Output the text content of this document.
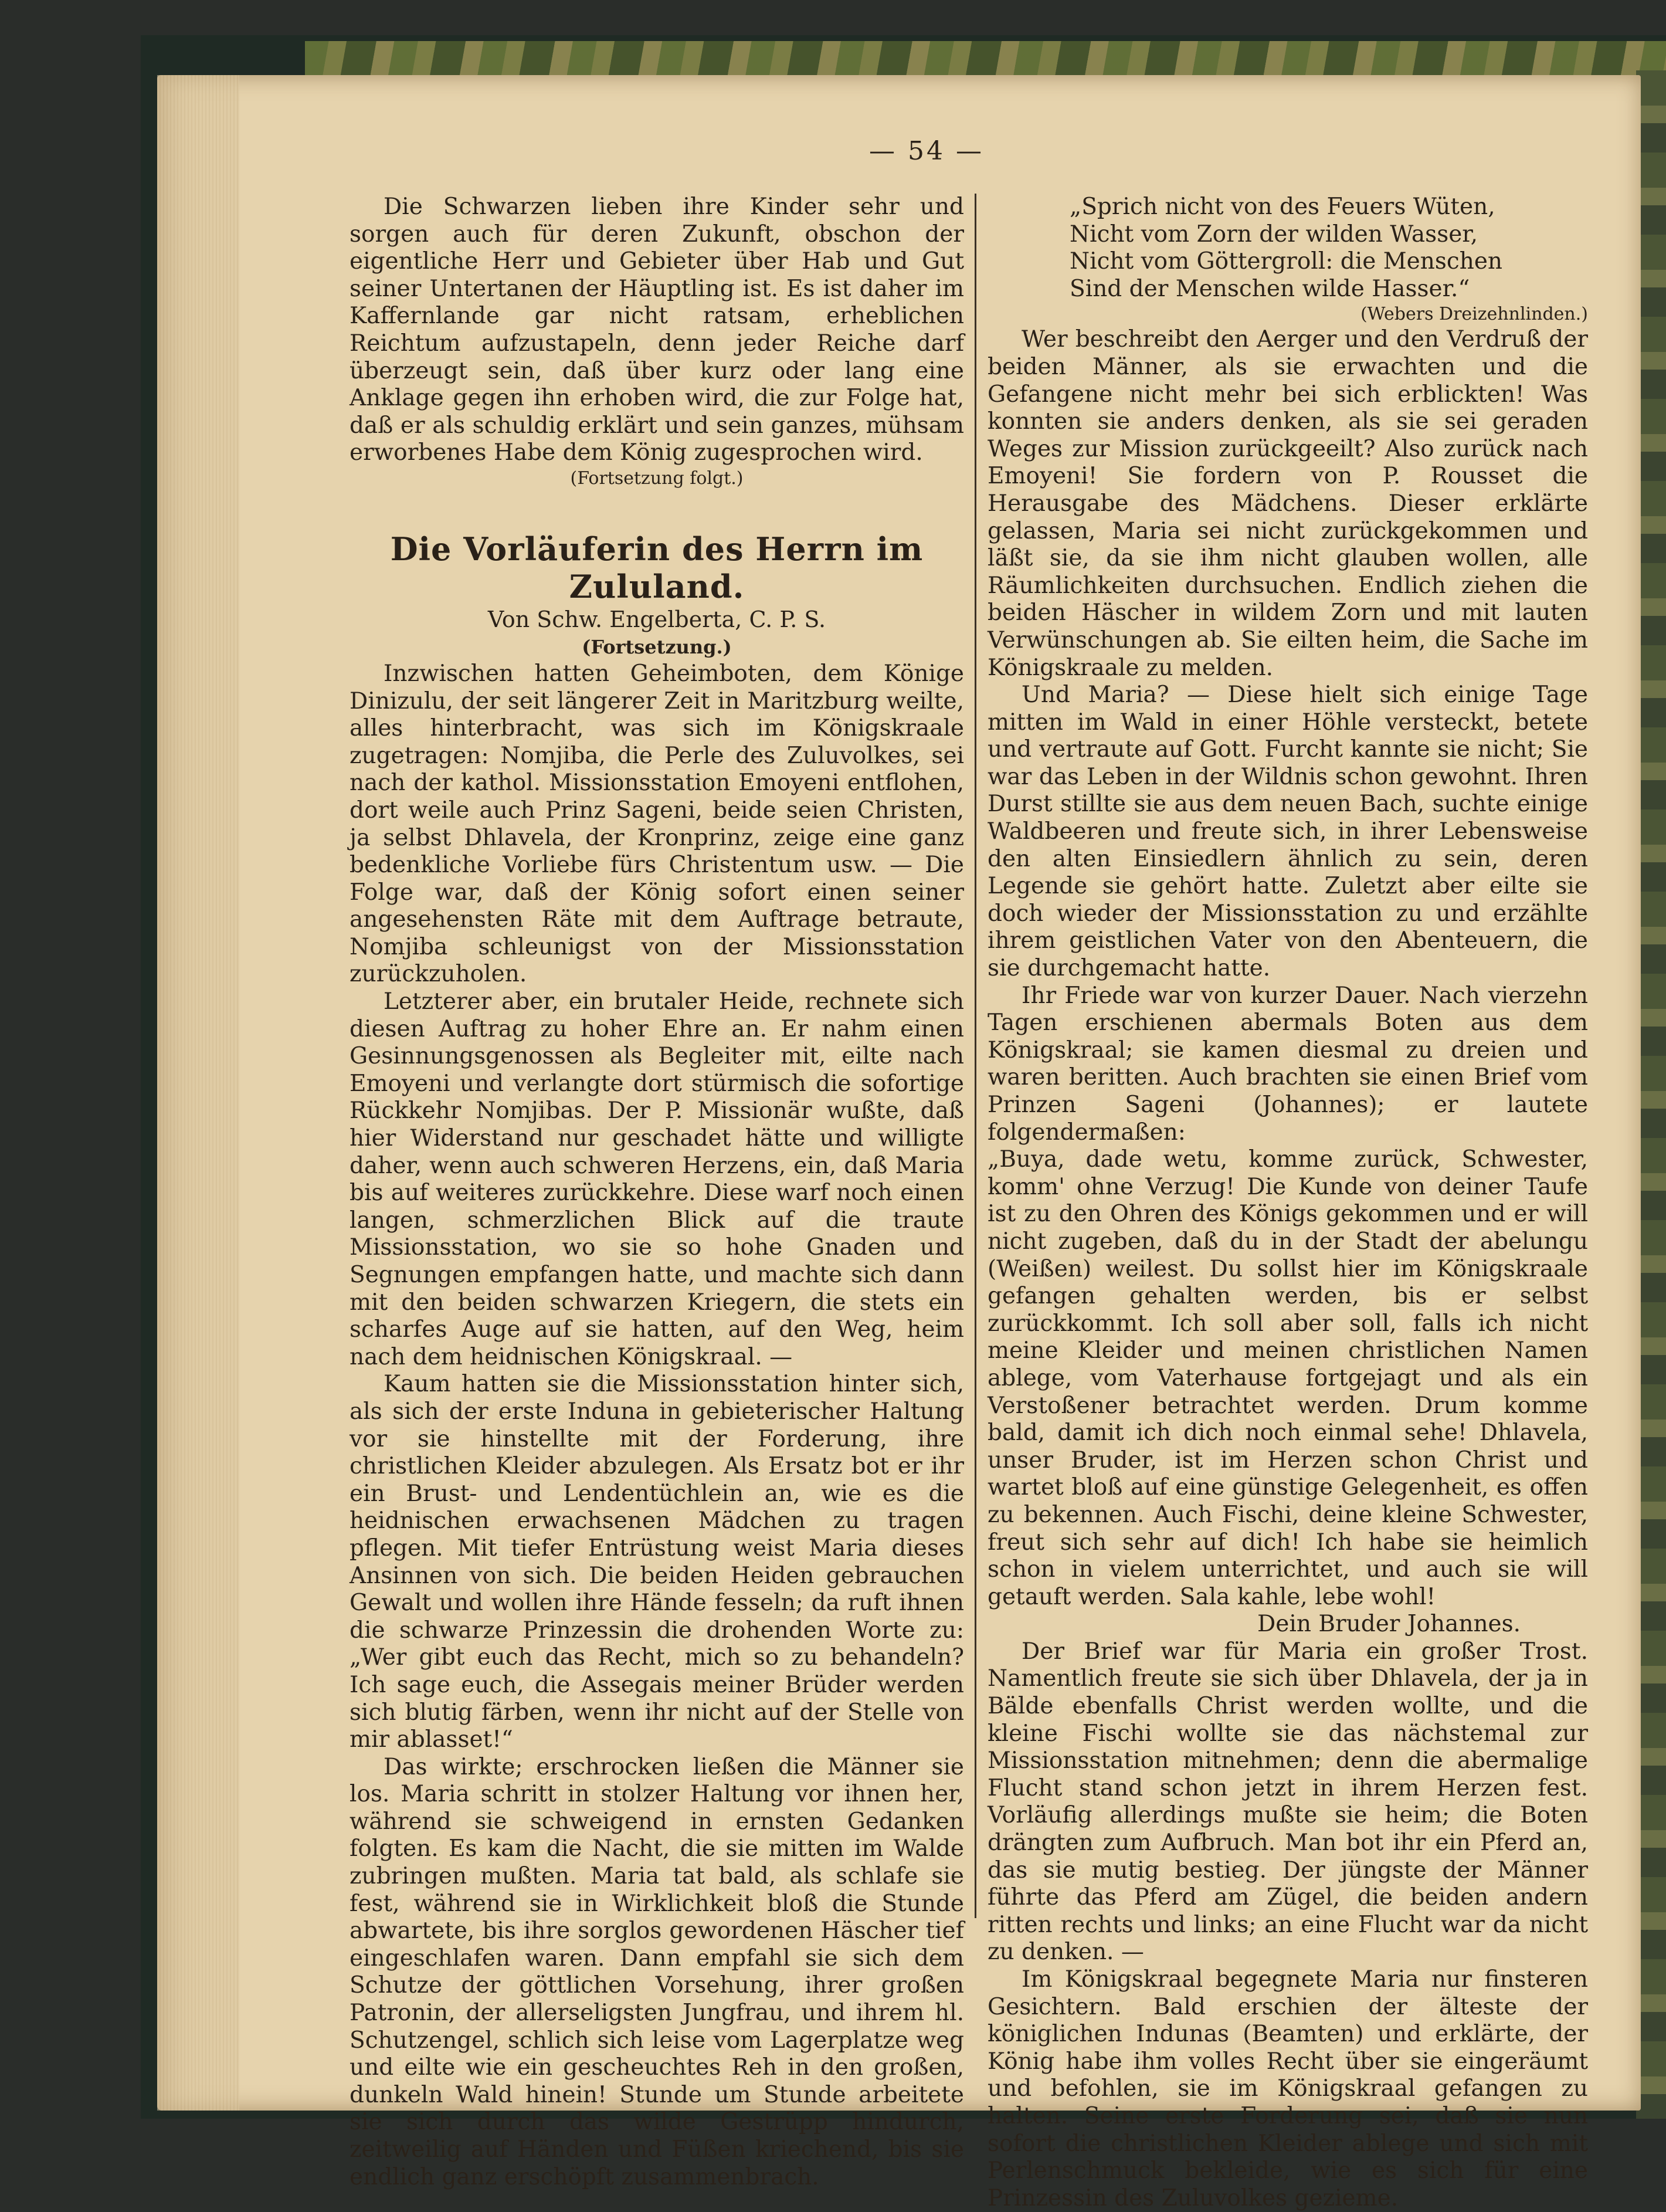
— 54 —

Die Schwarzen lieben ihre Kinder sehr und sorgen auch für deren Zukunft, obschon der eigentliche Herr und Gebieter über Hab und Gut seiner Untertanen der Häuptling ist. Es ist daher im Kaffernlande gar nicht ratsam, erheblichen Reichtum aufzustapeln, denn jeder Reiche darf überzeugt sein, daß über kurz oder lang eine Anklage gegen ihn erhoben wird, die zur Folge hat, daß er als schuldig erklärt und sein ganzes, mühsam erworbenes Habe dem König zugesprochen wird.

(Fortsetzung folgt.)

Die Vorläuferin des Herrn im Zululand.
Von Schw. Engelberta, C. P. S.
(Fortsetzung.)

Inzwischen hatten Geheimboten, dem Könige Dinizulu, der seit längerer Zeit in Maritzburg weilte, alles hinterbracht, was sich im Königskraale zugetragen: Nomjiba, die Perle des Zuluvolkes, sei nach der kathol. Missionsstation Emoyeni entflohen, dort weile auch Prinz Sageni, beide seien Christen, ja selbst Dhlavela, der Kronprinz, zeige eine ganz bedenkliche Vorliebe fürs Christentum usw. — Die Folge war, daß der König sofort einen seiner angesehensten Räte mit dem Auftrage betraute, Nomjiba schleunigst von der Missionsstation zurückzuholen.

Letzterer aber, ein brutaler Heide, rechnete sich diesen Auftrag zu hoher Ehre an. Er nahm einen Gesinnungsgenossen als Begleiter mit, eilte nach Emoyeni und verlangte dort stürmisch die sofortige Rückkehr Nomjibas. Der P. Missionär wußte, daß hier Widerstand nur geschadet hätte und willigte daher, wenn auch schweren Herzens, ein, daß Maria bis auf weiteres zurückkehre. Diese warf noch einen langen, schmerzlichen Blick auf die traute Missionsstation, wo sie so hohe Gnaden und Segnungen empfangen hatte, und machte sich dann mit den beiden schwarzen Kriegern, die stets ein scharfes Auge auf sie hatten, auf den Weg, heim nach dem heidnischen Königskraal. —

Kaum hatten sie die Missionsstation hinter sich, als sich der erste Induna in gebieterischer Haltung vor sie hinstellte mit der Forderung, ihre christlichen Kleider abzulegen. Als Ersatz bot er ihr ein Brust- und Lendentüchlein an, wie es die heidnischen erwachsenen Mädchen zu tragen pflegen. Mit tiefer Entrüstung weist Maria dieses Ansinnen von sich. Die beiden Heiden gebrauchen Gewalt und wollen ihre Hände fesseln; da ruft ihnen die schwarze Prinzessin die drohenden Worte zu: „Wer gibt euch das Recht, mich so zu behandeln? Ich sage euch, die Assegais meiner Brüder werden sich blutig färben, wenn ihr nicht auf der Stelle von mir ablasset!“

Das wirkte; erschrocken ließen die Männer sie los. Maria schritt in stolzer Haltung vor ihnen her, während sie schweigend in ernsten Gedanken folgten. Es kam die Nacht, die sie mitten im Walde zubringen mußten. Maria tat bald, als schlafe sie fest, während sie in Wirklichkeit bloß die Stunde abwartete, bis ihre sorglos gewordenen Häscher tief eingeschlafen waren. Dann empfahl sie sich dem Schutze der göttlichen Vorsehung, ihrer großen Patronin, der allerseligsten Jungfrau, und ihrem hl. Schutzengel, schlich sich leise vom Lagerplatze weg und eilte wie ein gescheuchtes Reh in den großen, dunkeln Wald hinein! Stunde um Stunde arbeitete sie sich durch das wilde Gestrüpp hindurch, zeitweilig auf Händen und Füßen kriechend, bis sie endlich ganz erschöpft zusammenbrach.

„Sprich nicht von des Feuers Wüten,
Nicht vom Zorn der wilden Wasser,
Nicht vom Göttergroll: die Menschen
Sind der Menschen wilde Hasser.“

(Webers Dreizehnlinden.)

Wer beschreibt den Aerger und den Verdruß der beiden Männer, als sie erwachten und die Gefangene nicht mehr bei sich erblickten! Was konnten sie anders denken, als sie sei geraden Weges zur Mission zurückgeeilt? Also zurück nach Emoyeni! Sie fordern von P. Rousset die Herausgabe des Mädchens. Dieser erklärte gelassen, Maria sei nicht zurückgekommen und läßt sie, da sie ihm nicht glauben wollen, alle Räumlichkeiten durchsuchen. Endlich ziehen die beiden Häscher in wildem Zorn und mit lauten Verwünschungen ab. Sie eilten heim, die Sache im Königskraale zu melden.

Und Maria? — Diese hielt sich einige Tage mitten im Wald in einer Höhle versteckt, betete und vertraute auf Gott. Furcht kannte sie nicht; Sie war das Leben in der Wildnis schon gewohnt. Ihren Durst stillte sie aus dem neuen Bach, suchte einige Waldbeeren und freute sich, in ihrer Lebensweise den alten Einsiedlern ähnlich zu sein, deren Legende sie gehört hatte. Zuletzt aber eilte sie doch wieder der Missionsstation zu und erzählte ihrem geistlichen Vater von den Abenteuern, die sie durchgemacht hatte.

Ihr Friede war von kurzer Dauer. Nach vierzehn Tagen erschienen abermals Boten aus dem Königskraal; sie kamen diesmal zu dreien und waren beritten. Auch brachten sie einen Brief vom Prinzen Sageni (Johannes); er lautete folgendermaßen:

„Buya, dade wetu, komme zurück, Schwester, komm' ohne Verzug! Die Kunde von deiner Taufe ist zu den Ohren des Königs gekommen und er will nicht zugeben, daß du in der Stadt der abelungu (Weißen) weilest. Du sollst hier im Königskraale gefangen gehalten werden, bis er selbst zurückkommt. Ich soll aber soll, falls ich nicht meine Kleider und meinen christlichen Namen ablege, vom Vaterhause fortgejagt und als ein Verstoßener betrachtet werden. Drum komme bald, damit ich dich noch einmal sehe! Dhlavela, unser Bruder, ist im Herzen schon Christ und wartet bloß auf eine günstige Gelegenheit, es offen zu bekennen. Auch Fischi, deine kleine Schwester, freut sich sehr auf dich! Ich habe sie heimlich schon in vielem unterrichtet, und auch sie will getauft werden. Sala kahle, lebe wohl!

Dein Bruder Johannes.

Der Brief war für Maria ein großer Trost. Namentlich freute sie sich über Dhlavela, der ja in Bälde ebenfalls Christ werden wollte, und die kleine Fischi wollte sie das nächstemal zur Missionsstation mitnehmen; denn die abermalige Flucht stand schon jetzt in ihrem Herzen fest. Vorläufig allerdings mußte sie heim; die Boten drängten zum Aufbruch. Man bot ihr ein Pferd an, das sie mutig bestieg. Der jüngste der Männer führte das Pferd am Zügel, die beiden andern ritten rechts und links; an eine Flucht war da nicht zu denken. —

Im Königskraal begegnete Maria nur finsteren Gesichtern. Bald erschien der älteste der königlichen Indunas (Beamten) und erklärte, der König habe ihm volles Recht über sie eingeräumt und befohlen, sie im Königskraal gefangen zu halten. Seine erste Forderung sei, daß sie nun sofort die christlichen Kleider ablege und sich mit Perlenschmuck bekleide, wie es sich für eine Prinzessin des Zuluvolkes gezieme.
